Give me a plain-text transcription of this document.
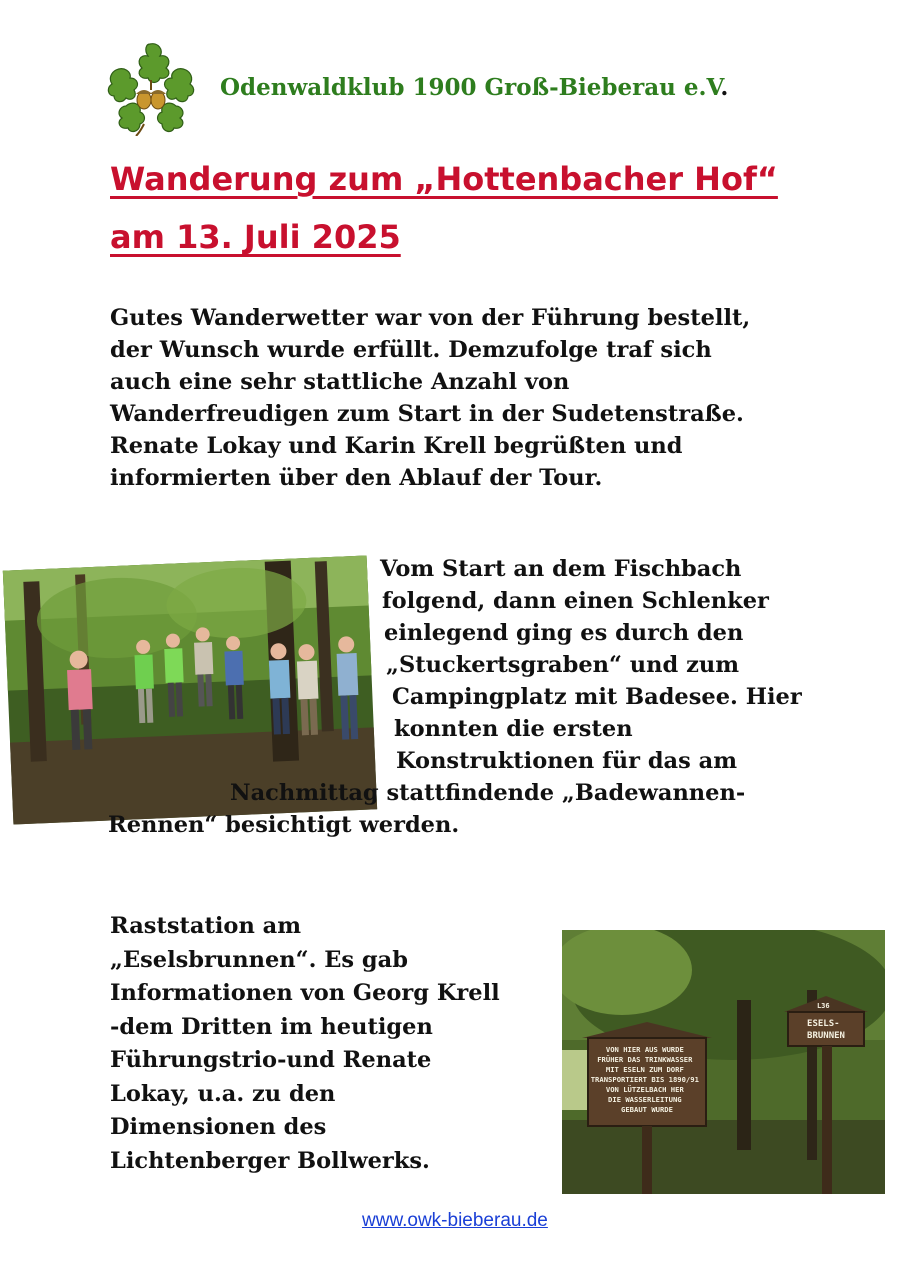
Odenwaldklub 1900 Groß-Bieberau e.V.
Wanderung zum „Hottenbacher Hof“
am 13. Juli 2025
Gutes Wanderwetter war von der Führung bestellt,
der Wunsch wurde erfüllt. Demzufolge traf sich
auch eine sehr stattliche Anzahl von
Wanderfreudigen zum Start in der Sudetenstraße.
Renate Lokay und Karin Krell begrüßten und
informierten über den Ablauf der Tour.
Vom Start an dem Fischbach
folgend, dann einen Schlenker
einlegend ging es durch den
„Stuckertsgraben“ und zum
Campingplatz mit Badesee. Hier
konnten die ersten
Konstruktionen für das am
Nachmittag stattfindende „Badewannen-
Rennen“ besichtigt werden.
Raststation am
„Eselsbrunnen“. Es gab
Informationen von Georg Krell
-dem Dritten im heutigen
Führungstrio-und Renate
Lokay, u.a. zu den
Dimensionen des
Lichtenberger Bollwerks.
VON HIER AUS WURDE FRÜHER DAS TRINKWASSER MIT ESELN ZUM DORF TRANSPORTIERT BIS 1890/91 VON LÜTZELBACH HER DIE WASSERLEITUNG GEBAUT WURDE
L36 ESELS- BRUNNEN
www.owk-bieberau.de
